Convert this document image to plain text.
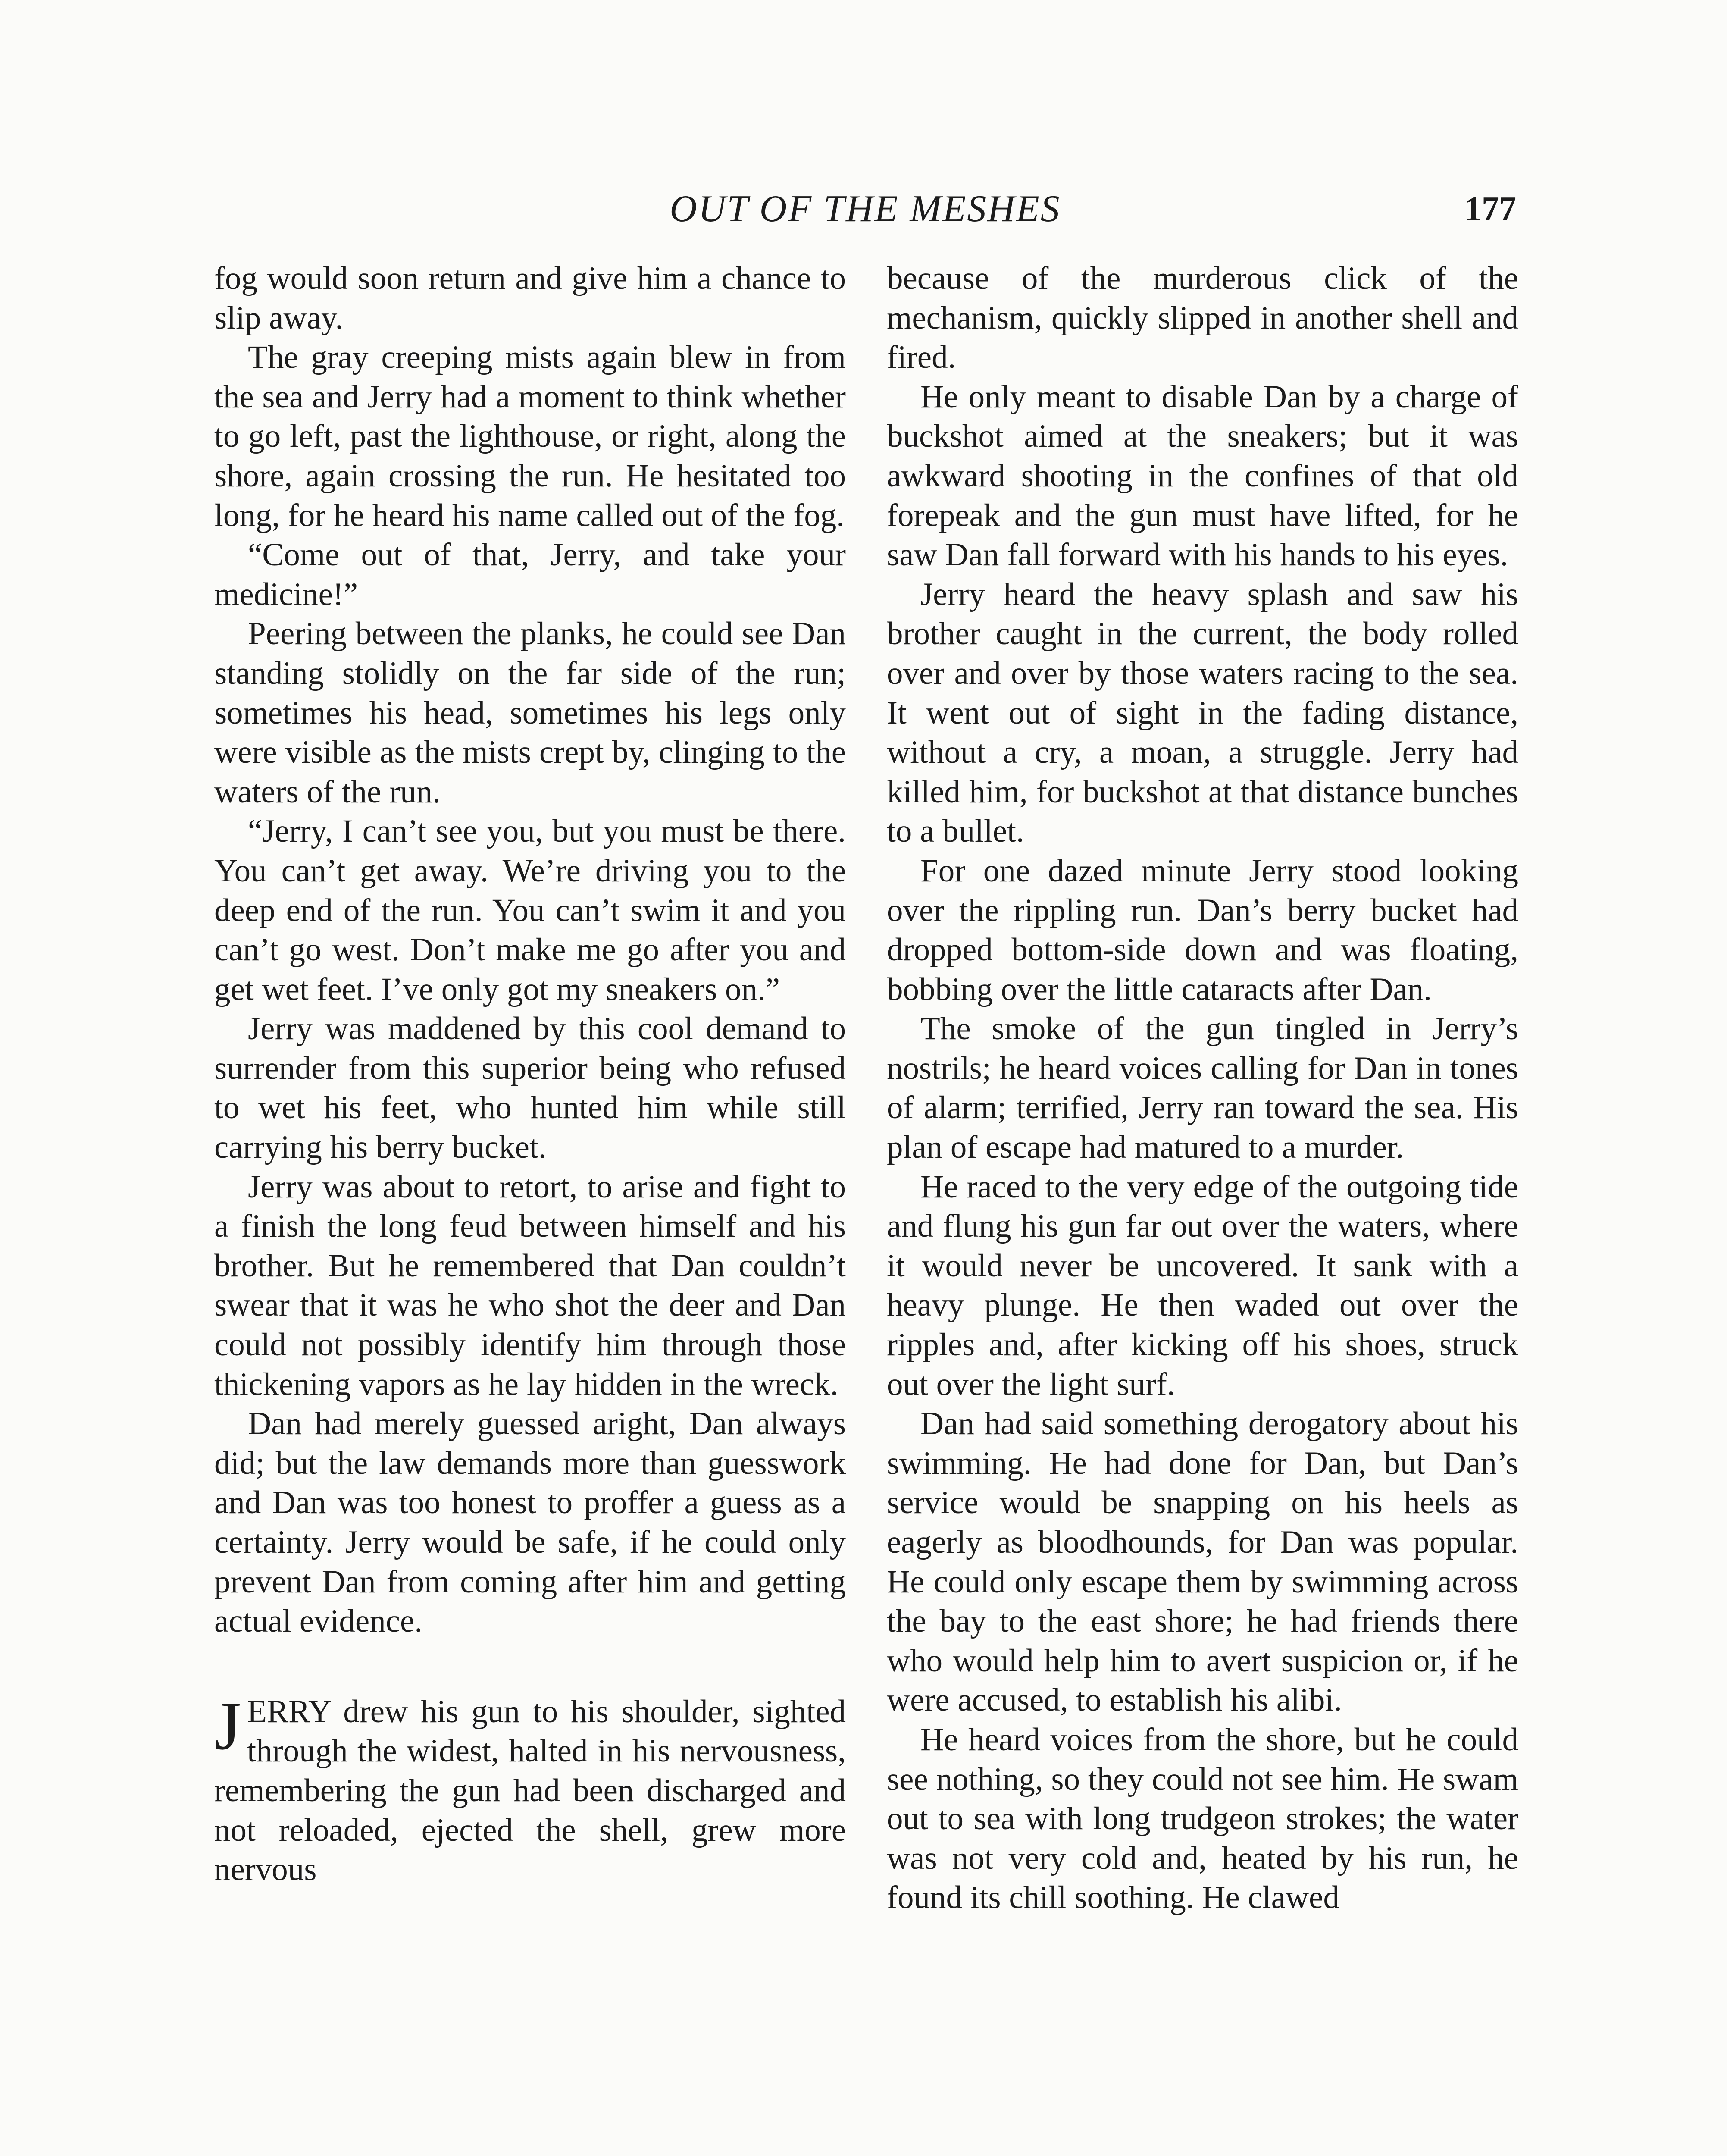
OUT OF THE MESHES	177

fog would soon return and give him a chance to slip away.

The gray creeping mists again blew in from the sea and Jerry had a moment to think whether to go left, past the lighthouse, or right, along the shore, again crossing the run. He hesitated too long, for he heard his name called out of the fog.

“Come out of that, Jerry, and take your medicine!”

Peering between the planks, he could see Dan standing stolidly on the far side of the run; sometimes his head, sometimes his legs only were visible as the mists crept by, clinging to the waters of the run.

“Jerry, I can’t see you, but you must be there. You can’t get away. We’re driving you to the deep end of the run. You can’t swim it and you can’t go west. Don’t make me go after you and get wet feet. I’ve only got my sneakers on.”

Jerry was maddened by this cool demand to surrender from this superior being who refused to wet his feet, who hunted him while still carrying his berry bucket.

Jerry was about to retort, to arise and fight to a finish the long feud between himself and his brother. But he remembered that Dan couldn’t swear that it was he who shot the deer and Dan could not possibly identify him through those thickening vapors as he lay hidden in the wreck.

Dan had merely guessed aright, Dan always did; but the law demands more than guesswork and Dan was too honest to proffer a guess as a certainty. Jerry would be safe, if he could only prevent Dan from coming after him and getting actual evidence.

JERRY drew his gun to his shoulder, sighted through the widest, halted in his nervousness, remembering the gun had been discharged and not reloaded, ejected the shell, grew more nervous

because of the murderous click of the mechanism, quickly slipped in another shell and fired.

He only meant to disable Dan by a charge of buckshot aimed at the sneakers; but it was awkward shooting in the confines of that old forepeak and the gun must have lifted, for he saw Dan fall forward with his hands to his eyes.

Jerry heard the heavy splash and saw his brother caught in the current, the body rolled over and over by those waters racing to the sea. It went out of sight in the fading distance, without a cry, a moan, a struggle. Jerry had killed him, for buckshot at that distance bunches to a bullet.

For one dazed minute Jerry stood looking over the rippling run. Dan’s berry bucket had dropped bottom-side down and was floating, bobbing over the little cataracts after Dan.

The smoke of the gun tingled in Jerry’s nostrils; he heard voices calling for Dan in tones of alarm; terrified, Jerry ran toward the sea. His plan of escape had matured to a murder.

He raced to the very edge of the outgoing tide and flung his gun far out over the waters, where it would never be uncovered. It sank with a heavy plunge. He then waded out over the ripples and, after kicking off his shoes, struck out over the light surf.

Dan had said something derogatory about his swimming. He had done for Dan, but Dan’s service would be snapping on his heels as eagerly as bloodhounds, for Dan was popular. He could only escape them by swimming across the bay to the east shore; he had friends there who would help him to avert suspicion or, if he were accused, to establish his alibi.

He heard voices from the shore, but he could see nothing, so they could not see him. He swam out to sea with long trudgeon strokes; the water was not very cold and, heated by his run, he found its chill soothing. He clawed
